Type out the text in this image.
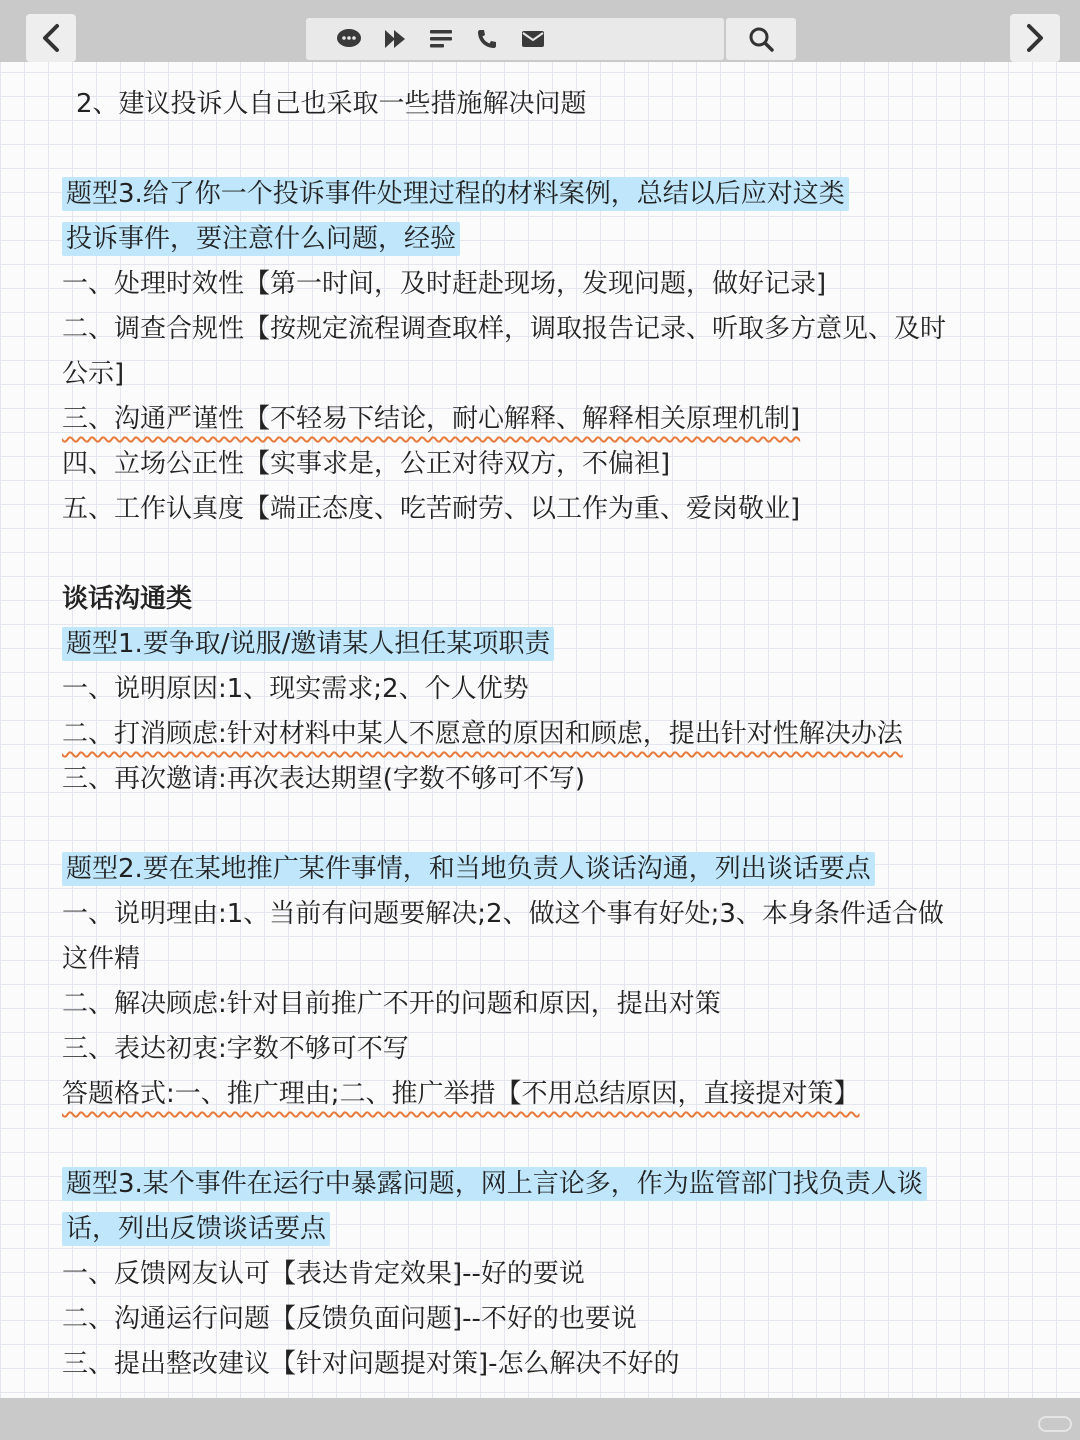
2、建议投诉人自己也采取一些措施解决问题
题型3.给了你一个投诉事件处理过程的材料案例，总结以后应对这类
投诉事件，要注意什么问题，经验
一、处理时效性【第一时间，及时赶赴现场，发现问题，做好记录]
二、调查合规性【按规定流程调查取样，调取报告记录、听取多方意见、及时
公示]
三、沟通严谨性【不轻易下结论，耐心解释、解释相关原理机制]
四、立场公正性【实事求是，公正对待双方，不偏袒]
五、工作认真度【端正态度、吃苦耐劳、以工作为重、爱岗敬业]
谈话沟通类
题型1.要争取/说服/邀请某人担任某项职责
一、说明原因:1、现实需求;2、个人优势
二、打消顾虑:针对材料中某人不愿意的原因和顾虑，提出针对性解决办法
三、再次邀请:再次表达期望(字数不够可不写)
题型2.要在某地推广某件事情，和当地负责人谈话沟通，列出谈话要点
一、说明理由:1、当前有问题要解决;2、做这个事有好处;3、本身条件适合做
这件精
二、解决顾虑:针对目前推广不开的问题和原因，提出对策
三、表达初衷:字数不够可不写
答题格式:一、推广理由;二、推广举措【不用总结原因，直接提对策】
题型3.某个事件在运行中暴露问题，网上言论多，作为监管部门找负责人谈
话，列出反馈谈话要点
一、反馈网友认可【表达肯定效果]--好的要说
二、沟通运行问题【反馈负面问题]--不好的也要说
三、提出整改建议【针对问题提对策]-怎么解决不好的
